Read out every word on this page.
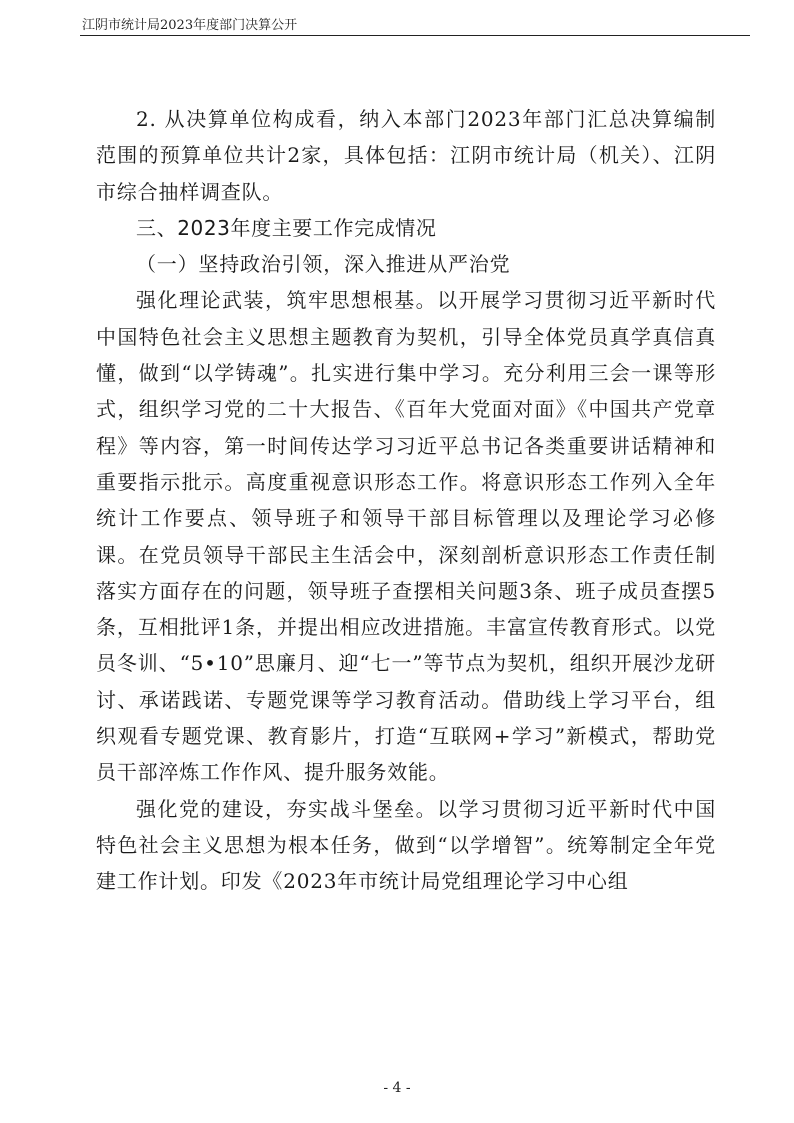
江阴市统计局2023年度部门决算公开

2. 从决算单位构成看，纳入本部门2023年部门汇总决算编制范围的预算单位共计2家，具体包括：江阴市统计局（机关）、江阴市综合抽样调查队。

三、2023年度主要工作完成情况

（一）坚持政治引领，深入推进从严治党

强化理论武装，筑牢思想根基。以开展学习贯彻习近平新时代中国特色社会主义思想主题教育为契机，引导全体党员真学真信真懂，做到“以学铸魂”。扎实进行集中学习。充分利用三会一课等形式，组织学习党的二十大报告、《百年大党面对面》《中国共产党章程》等内容，第一时间传达学习习近平总书记各类重要讲话精神和重要指示批示。高度重视意识形态工作。将意识形态工作列入全年统计工作要点、领导班子和领导干部目标管理以及理论学习必修课。在党员领导干部民主生活会中，深刻剖析意识形态工作责任制落实方面存在的问题，领导班子查摆相关问题3条、班子成员查摆5条，互相批评1条，并提出相应改进措施。丰富宣传教育形式。以党员冬训、“5•10”思廉月、迎“七一”等节点为契机，组织开展沙龙研讨、承诺践诺、专题党课等学习教育活动。借助线上学习平台，组织观看专题党课、教育影片，打造“互联网+学习”新模式，帮助党员干部淬炼工作作风、提升服务效能。

强化党的建设，夯实战斗堡垒。以学习贯彻习近平新时代中国特色社会主义思想为根本任务，做到“以学增智”。统筹制定全年党建工作计划。印发《2023年市统计局党组理论学习中心组

- 4 -
